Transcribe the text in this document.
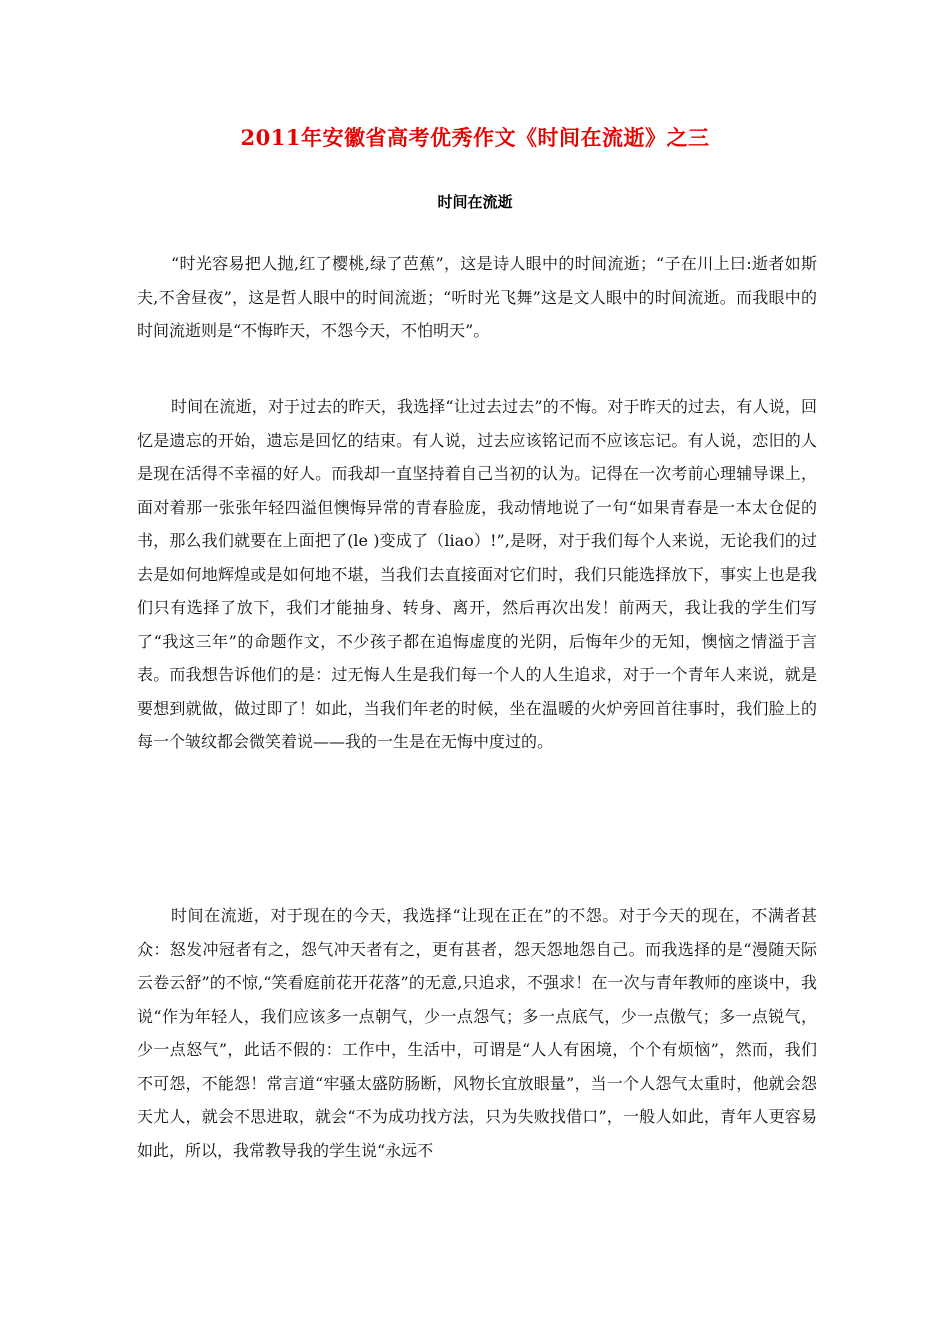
2011年安徽省高考优秀作文《时间在流逝》之三
时间在流逝

“时光容易把人抛,红了樱桃,绿了芭蕉”，这是诗人眼中的时间流逝；“子在川上曰:逝者如斯夫,不舍昼夜”，这是哲人眼中的时间流逝；“听时光飞舞”这是文人眼中的时间流逝。而我眼中的时间流逝则是“不悔昨天，不怨今天，不怕明天”。

时间在流逝，对于过去的昨天，我选择“让过去过去”的不悔。对于昨天的过去，有人说，回忆是遗忘的开始，遗忘是回忆的结束。有人说，过去应该铭记而不应该忘记。有人说，恋旧的人是现在活得不幸福的好人。而我却一直坚持着自己当初的认为。记得在一次考前心理辅导课上，面对着那一张张年轻四溢但懊悔异常的青春脸庞，我动情地说了一句“如果青春是一本太仓促的书，那么我们就要在上面把了(le )变成了（liao）!”,是呀，对于我们每个人来说，无论我们的过去是如何地辉煌或是如何地不堪，当我们去直接面对它们时，我们只能选择放下，事实上也是我们只有选择了放下，我们才能抽身、转身、离开，然后再次出发！前两天，我让我的学生们写了“我这三年”的命题作文，不少孩子都在追悔虚度的光阴，后悔年少的无知，懊恼之情溢于言表。而我想告诉他们的是：过无悔人生是我们每一个人的人生追求，对于一个青年人来说，就是要想到就做，做过即了！如此，当我们年老的时候，坐在温暖的火炉旁回首往事时，我们脸上的每一个皱纹都会微笑着说——我的一生是在无悔中度过的。

时间在流逝，对于现在的今天，我选择“让现在正在”的不怨。对于今天的现在，不满者甚众：怒发冲冠者有之，怨气冲天者有之，更有甚者，怨天怨地怨自己。而我选择的是“漫随天际 云卷云舒”的不惊,“笑看庭前花开花落”的无意,只追求，不强求！在一次与青年教师的座谈中，我说“作为年轻人，我们应该多一点朝气，少一点怨气；多一点底气，少一点傲气；多一点锐气，少一点怒气”，此话不假的：工作中，生活中，可谓是“人人有困境，个个有烦恼”，然而，我们不可怨，不能怨！常言道“牢骚太盛防肠断，风物长宜放眼量”，当一个人怨气太重时，他就会怨天尤人，就会不思进取，就会“不为成功找方法，只为失败找借口”，一般人如此，青年人更容易如此，所以，我常教导我的学生说“永远不
